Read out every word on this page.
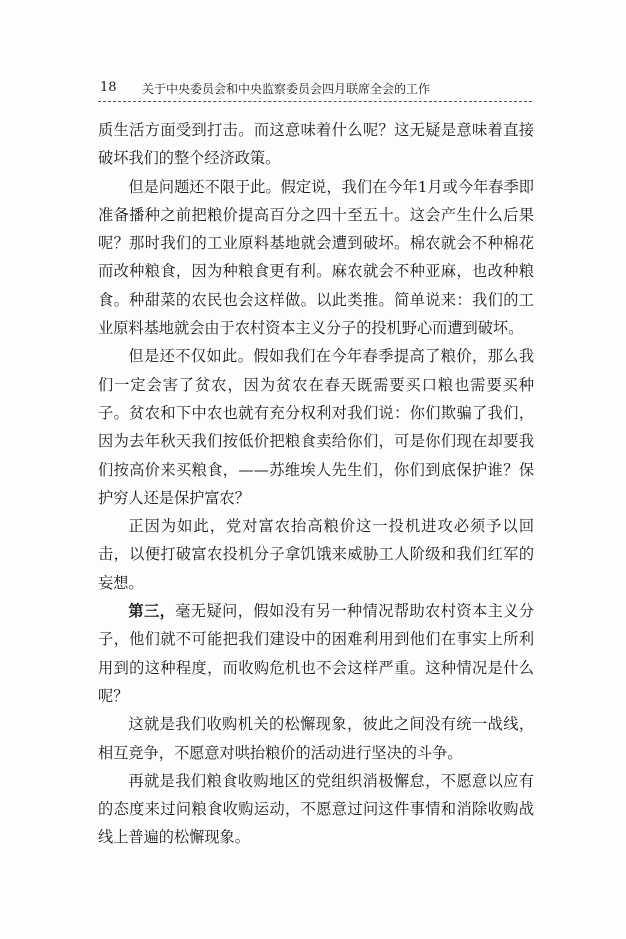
18 关于中央委员会和中央监察委员会四月联席全会的工作

质生活方面受到打击。而这意味着什么呢？这无疑是意味着直接破坏我们的整个经济政策。

但是问题还不限于此。假定说，我们在今年1月或今年春季即准备播种之前把粮价提高百分之四十至五十。这会产生什么后果呢？那时我们的工业原料基地就会遭到破坏。棉农就会不种棉花而改种粮食，因为种粮食更有利。麻农就会不种亚麻，也改种粮食。种甜菜的农民也会这样做。以此类推。简单说来：我们的工业原料基地就会由于农村资本主义分子的投机野心而遭到破坏。

但是还不仅如此。假如我们在今年春季提高了粮价，那么我们一定会害了贫农，因为贫农在春天既需要买口粮也需要买种子。贫农和下中农也就有充分权利对我们说：你们欺骗了我们，因为去年秋天我们按低价把粮食卖给你们，可是你们现在却要我们按高价来买粮食，——苏维埃人先生们，你们到底保护谁？保护穷人还是保护富农？

正因为如此，党对富农抬高粮价这一投机进攻必须予以回击，以便打破富农投机分子拿饥饿来威胁工人阶级和我们红军的妄想。

第三，毫无疑问，假如没有另一种情况帮助农村资本主义分子，他们就不可能把我们建设中的困难利用到他们在事实上所利用到的这种程度，而收购危机也不会这样严重。这种情况是什么呢？

这就是我们收购机关的松懈现象，彼此之间没有统一战线，相互竞争，不愿意对哄抬粮价的活动进行坚决的斗争。

再就是我们粮食收购地区的党组织消极懈怠，不愿意以应有的态度来过问粮食收购运动，不愿意过问这件事情和消除收购战线上普遍的松懈现象。
